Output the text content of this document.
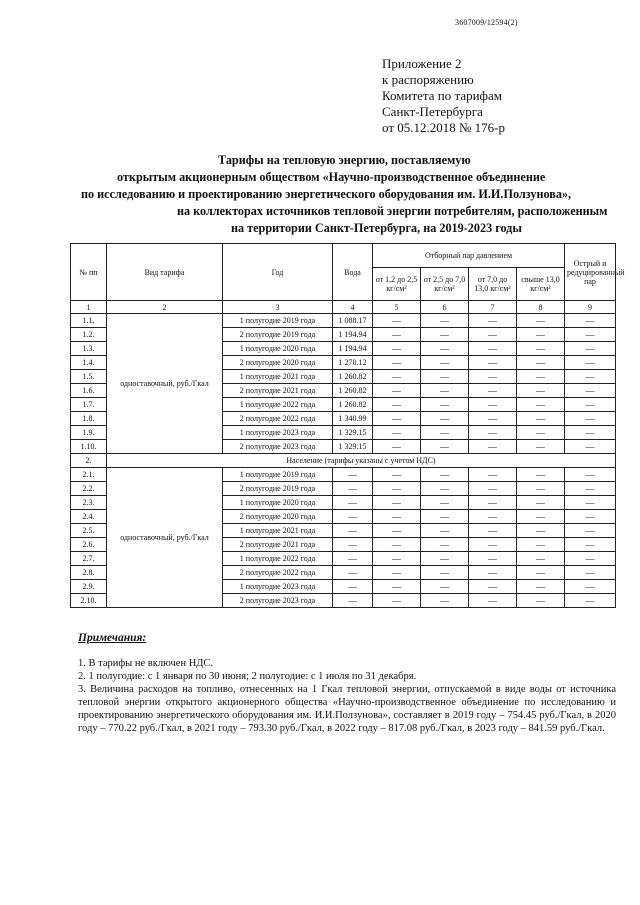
3607009/12594(2)
Приложение 2
к распоряжению
Комитета по тарифам
Санкт-Петербурга
от 05.12.2018 № 176-р
Тарифы на тепловую энергию, поставляемую
открытым акционерным обществом «Научно-производственное объединение
по исследованию и проектированию энергетического оборудования им. И.И.Ползунова»,
на коллекторах источников тепловой энергии потребителям, расположенным
на территории Санкт-Петербурга, на 2019-2023 годы
№ пп	Вид тарифа	Год	Вода	Отборный пар давлением				Острый и редуцированный пар
				от 1,2 до 2,5 кг/см²	от 2,5 до 7,0 кг/см²	от 7,0 до 13,0 кг/см²	свыше 13,0 кг/см²	
1	2	3	4	5	6	7	8	9
1.1.	одноставочный, руб./Гкал	1 полугодие 2019 года	1 088.17	—	—	—	—	—
1.2.		2 полугодие 2019 года	1 194.94	—	—	—	—	—
1.3.		1 полугодие 2020 года	1 194.94	—	—	—	—	—
1.4.		2 полугодие 2020 года	1 270.12	—	—	—	—	—
1.5.		1 полугодие 2021 года	1 260.82	—	—	—	—	—
1.6.		2 полугодие 2021 года	1 260.82	—	—	—	—	—
1.7.		1 полугодие 2022 года	1 260.82	—	—	—	—	—
1.8.		2 полугодие 2022 года	1 340.99	—	—	—	—	—
1.9.		1 полугодие 2023 года	1 329.15	—	—	—	—	—
1.10.		2 полугодие 2023 года	1 329.15	—	—	—	—	—
2.	Население (тарифы указаны с учетом НДС)							
2.1.	одноставочный, руб./Гкал	1 полугодие 2019 года	—	—	—	—	—	—
2.2.		2 полугодие 2019 года	—	—	—	—	—	—
2.3.		1 полугодие 2020 года	—	—	—	—	—	—
2.4.		2 полугодие 2020 года	—	—	—	—	—	—
2.5.		1 полугодие 2021 года	—	—	—	—	—	—
2.6.		2 полугодие 2021 года	—	—	—	—	—	—
2.7.		1 полугодие 2022 года	—	—	—	—	—	—
2.8.		2 полугодие 2022 года	—	—	—	—	—	—
2.9.		1 полугодие 2023 года	—	—	—	—	—	—
2.10.		2 полугодие 2023 года	—	—	—	—	—	—
Примечания:
1. В тарифы не включен НДС.
2. 1 полугодие: с 1 января по 30 июня; 2 полугодие: с 1 июля по 31 декабря.
3. Величина расходов на топливо, отнесенных на 1 Гкал тепловой энергии, отпускаемой в виде воды от источника тепловой энергии открытого акционерного общества «Научно-производственное объединение по исследованию и проектированию энергетического оборудования им. И.И.Ползунова», составляет в 2019 году – 754.45 руб./Гкал, в 2020 году – 770.22 руб./Гкал, в 2021 году – 793.30 руб./Гкал, в 2022 году – 817.08 руб./Гкал, в 2023 году – 841.59 руб./Гкал.
